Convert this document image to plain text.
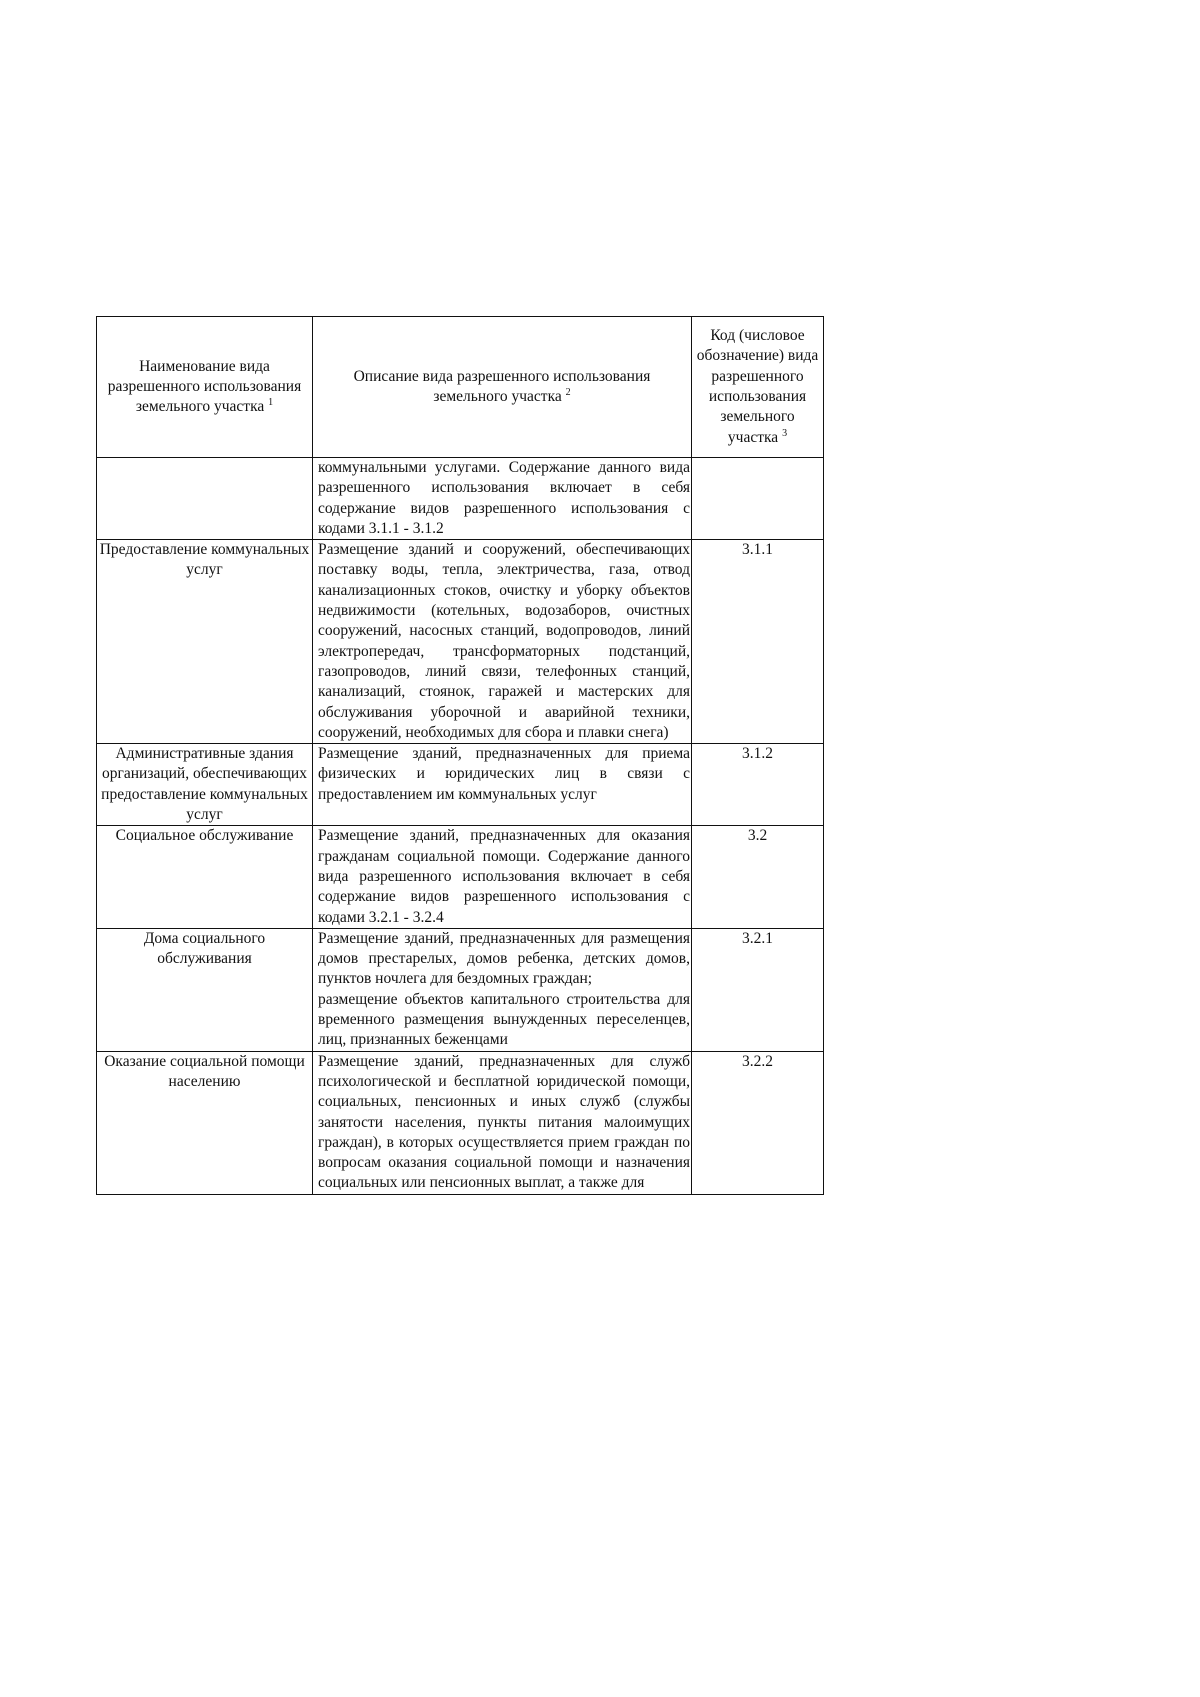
Наименование вида разрешенного использования земельного участка $^1$	Описание вида разрешенного использования земельного участка $^2$	Код (числовое обозначение) вида разрешенного использования земельного участка $^3$

	коммунальными услугами. Содержание данного вида разрешенного использования включает в себя содержание видов разрешенного использования с кодами 3.1.1 - 3.1.2	

Предоставление коммунальных услуг	Размещение зданий и сооружений, обеспечивающих поставку воды, тепла, электричества, газа, отвод канализационных стоков, очистку и уборку объектов недвижимости (котельных, водозаборов, очистных сооружений, насосных станций, водопроводов, линий электропередач, трансформаторных подстанций, газопроводов, линий связи, телефонных станций, канализаций, стоянок, гаражей и мастерских для обслуживания уборочной и аварийной техники, сооружений, необходимых для сбора и плавки снега)	3.1.1
Административные здания организаций, обеспечивающих предоставление коммунальных услуг	Размещение зданий, предназначенных для приема физических и юридических лиц в связи с предоставлением им коммунальных услуг	3.1.2
Социальное обслуживание	Размещение зданий, предназначенных для оказания гражданам социальной помощи. Содержание данного вида разрешенного использования включает в себя содержание видов разрешенного использования с кодами 3.2.1 - 3.2.4	3.2
Дома социального обслуживания	Размещение зданий, предназначенных для размещения домов престарелых, домов ребенка, детских домов, пунктов ночлега для бездомных граждан;

размещение объектов капитального строительства для временного размещения вынужденных переселенцев, лиц, признанных беженцами	3.2.1
Оказание социальной помощи населению	Размещение зданий, предназначенных для служб психологической и бесплатной юридической помощи, социальных, пенсионных и иных служб (службы занятости населения, пункты питания малоимущих граждан), в которых осуществляется прием граждан по вопросам оказания социальной помощи и назначения социальных или пенсионных выплат, а также для	3.2.2
